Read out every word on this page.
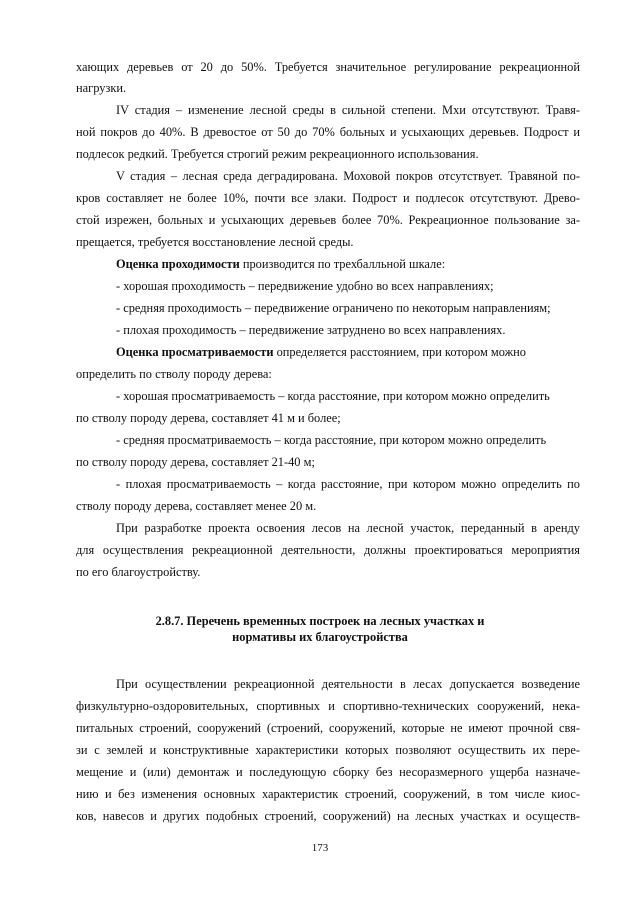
хающих деревьев от 20 до 50%. Требуется значительное регулирование рекреационной
нагрузки.
IV стадия – изменение лесной среды в сильной степени. Мхи отсутствуют. Травя-
ной покров до 40%. В древостое от 50 до 70% больных и усыхающих деревьев. Подрост и
подлесок редкий. Требуется строгий режим рекреационного использования.
V стадия – лесная среда деградирована. Моховой покров отсутствует. Травяной по-
кров составляет не более 10%, почти все злаки. Подрост и подлесок отсутствуют. Древо-
стой изрежен, больных и усыхающих деревьев более 70%. Рекреационное пользование за-
прещается, требуется восстановление лесной среды.
Оценка проходимости производится по трехбалльной шкале:
- хорошая проходимость – передвижение удобно во всех направлениях;
- средняя проходимость – передвижение ограничено по некоторым направлениям;
- плохая проходимость – передвижение затруднено во всех направлениях.
Оценка просматриваемости определяется расстоянием, при котором можно
определить по стволу породу дерева:
- хорошая просматриваемость – когда расстояние, при котором можно определить
по стволу породу дерева, составляет 41 м и более;
- средняя просматриваемость – когда расстояние, при котором можно определить
по стволу породу дерева, составляет 21-40 м;
- плохая просматриваемость – когда расстояние, при котором можно определить по
стволу породу дерева, составляет менее 20 м.
При разработке проекта освоения лесов на лесной участок, переданный в аренду
для осуществления рекреационной деятельности, должны проектироваться мероприятия
по его благоустройству.
2.8.7. Перечень временных построек на лесных участках и
нормативы их благоустройства
При осуществлении рекреационной деятельности в лесах допускается возведение
физкультурно-оздоровительных, спортивных и спортивно-технических сооружений, нека-
питальных строений, сооружений (строений, сооружений, которые не имеют прочной свя-
зи с землей и конструктивные характеристики которых позволяют осуществить их пере-
мещение и (или) демонтаж и последующую сборку без несоразмерного ущерба назначе-
нию и без изменения основных характеристик строений, сооружений, в том числе киос-
ков, навесов и других подобных строений, сооружений) на лесных участках и осуществ-
173
